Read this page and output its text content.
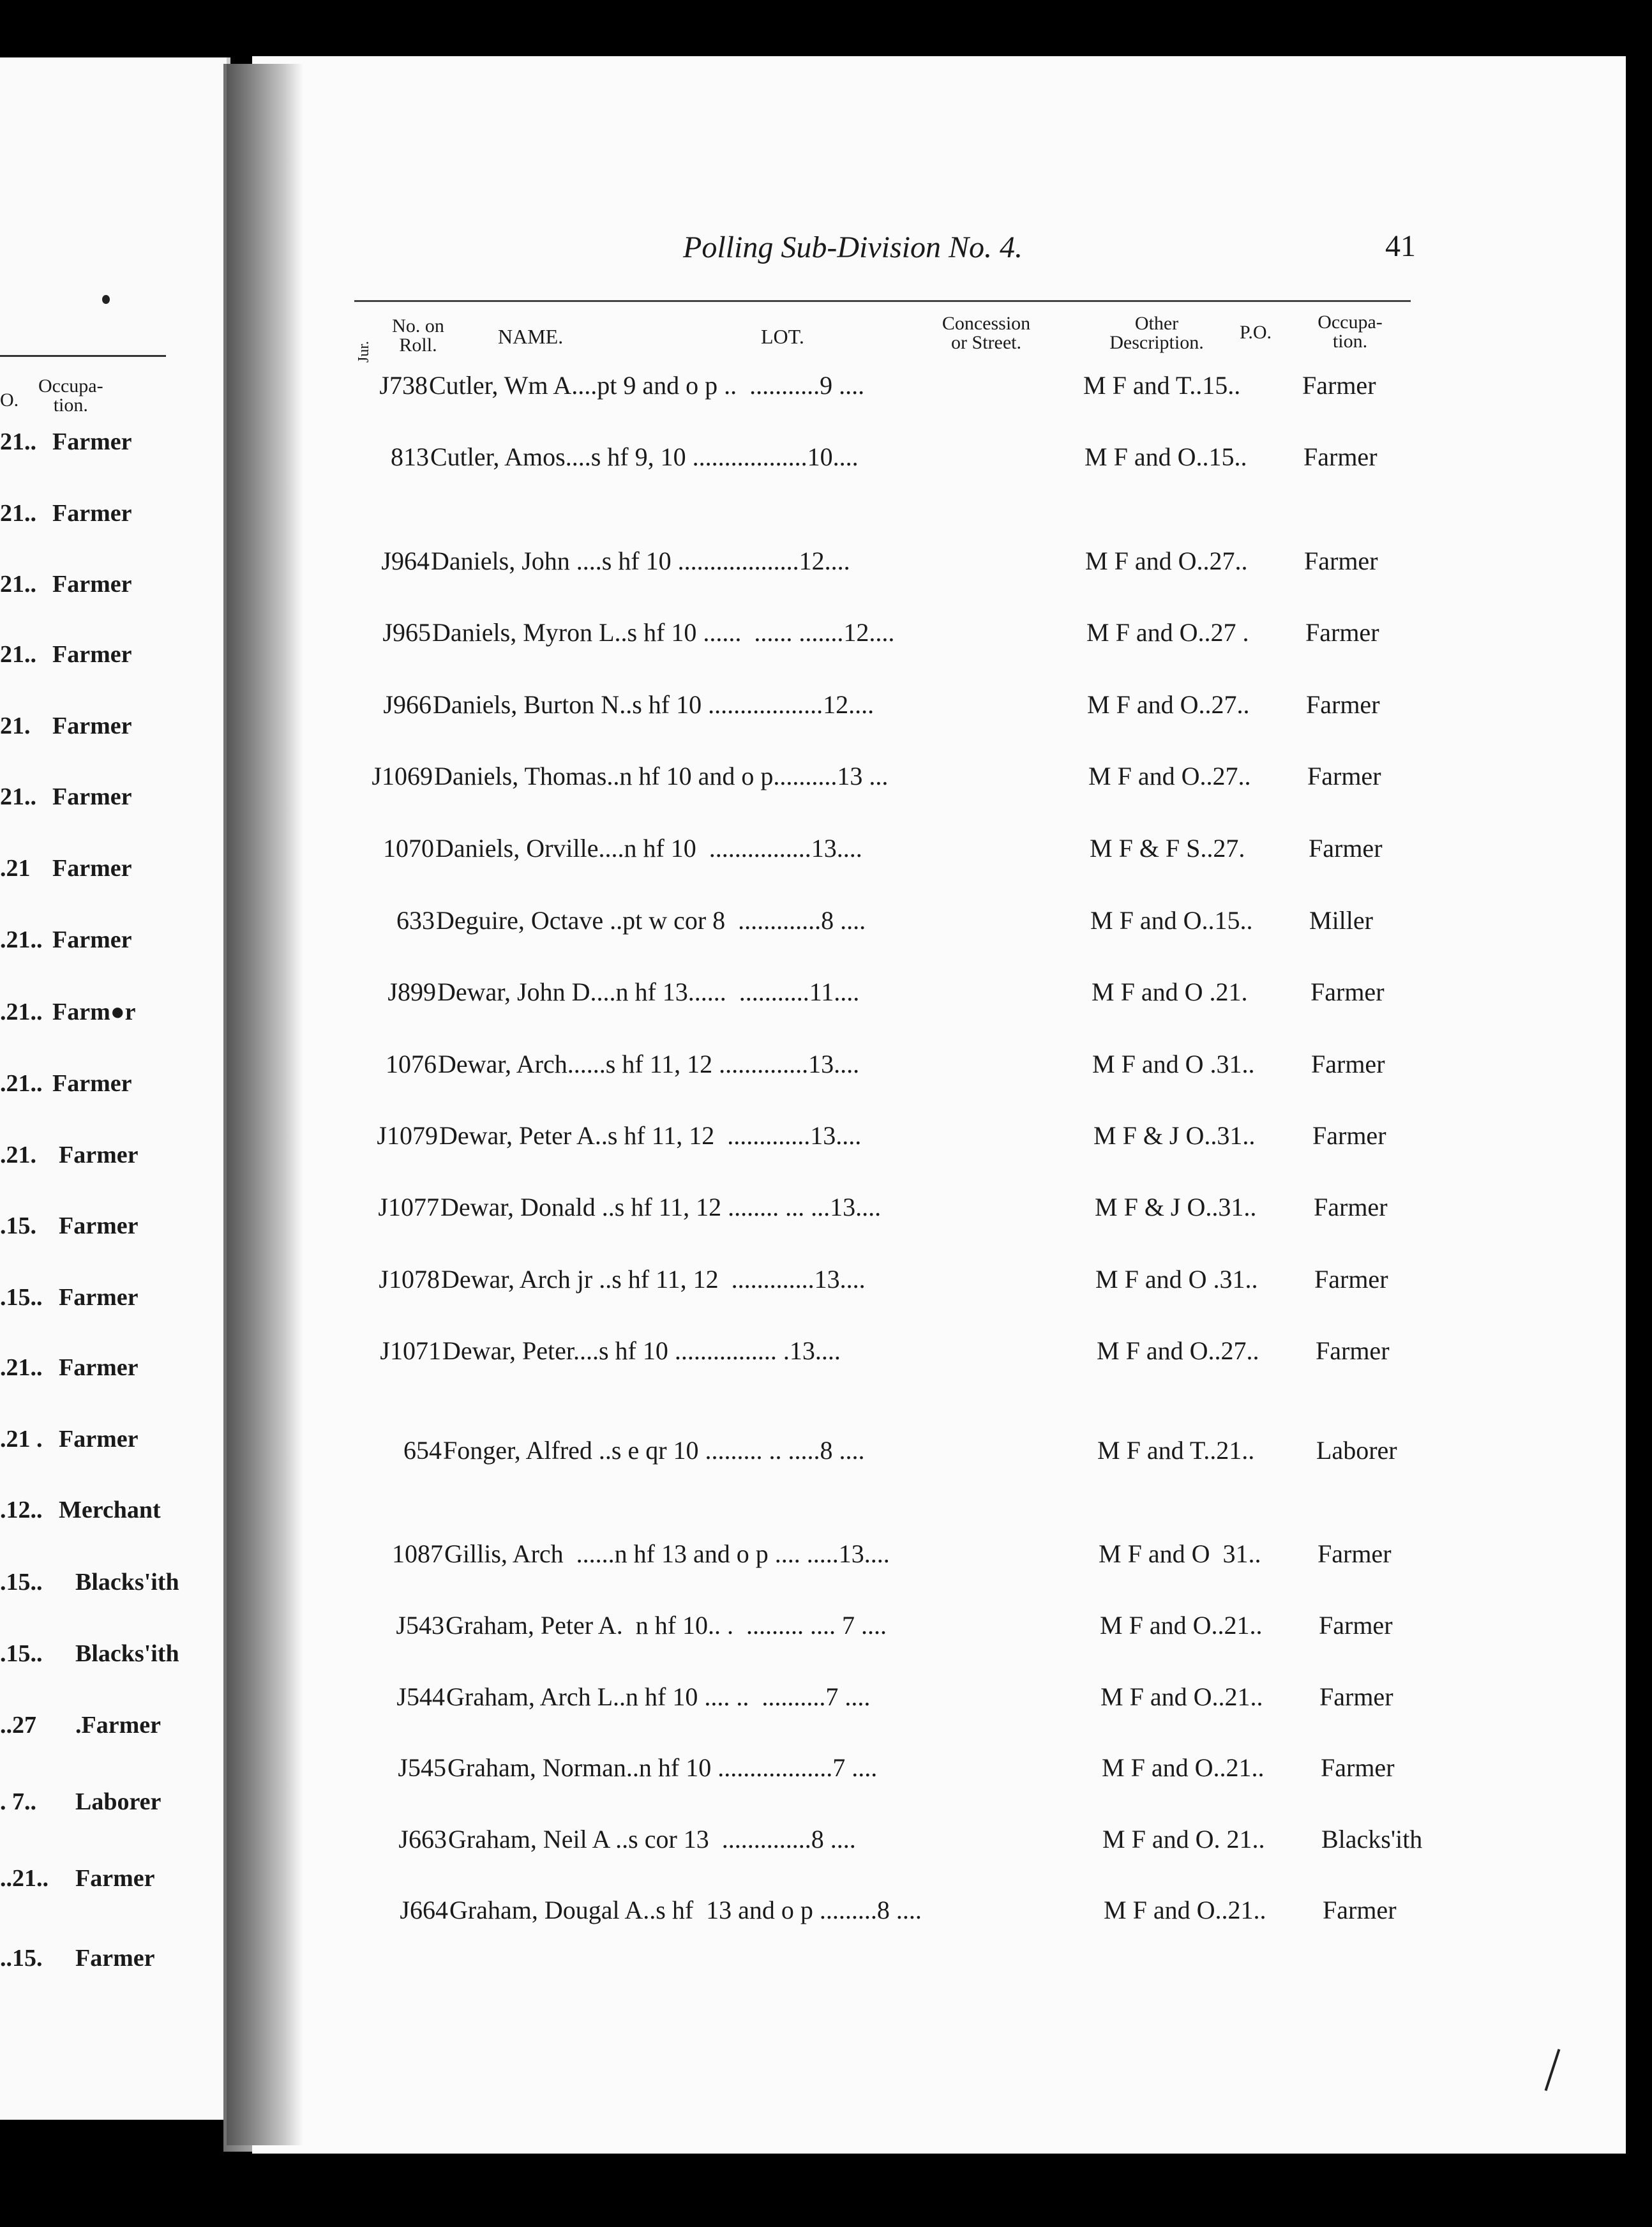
O.
Occupa-
tion.
21.. Farmer
21.. Farmer
21.. Farmer
21.. Farmer
21. Farmer
21.. Farmer
.21 Farmer
.21.. Farmer
.21.. Farm●r
.21.. Farmer
.21. Farmer
.15. Farmer
.15.. Farmer
.21.. Farmer
.21 . Farmer
.12.. Merchant
.15.. Blacks'ith
.15.. Blacks'ith
..27 .Farmer
. 7.. Laborer
..21.. Farmer
..15. Farmer
Polling Sub-Division No. 4.	41
Jur.
No. on
Roll.	NAME.	LOT.
Concession
or Street.
Other
Description.	P.O.	Occupa-
tion.
J738 Cutler, Wm A....pt 9 and o p ..  ...........9 ....	M F and T..15.. Farmer
813 Cutler, Amos....s hf 9, 10 ..................10....	M F and O..15.. Farmer
J964 Daniels, John ....s hf 10 ...................12....	M F and O..27.. Farmer
J965 Daniels, Myron L..s hf 10 ......  ...... .......12....	M F and O..27 . Farmer
J966 Daniels, Burton N..s hf 10 ..................12....	M F and O..27.. Farmer
J1069 Daniels, Thomas..n hf 10 and o p..........13 ...	M F and O..27.. Farmer
1070 Daniels, Orville....n hf 10  ................13....	M F & F S..27. Farmer
633 Deguire, Octave ..pt w cor 8  .............8 ....	M F and O..15.. Miller
J899 Dewar, John D....n hf 13......  ...........11....	M F and O .21. Farmer
1076 Dewar, Arch......s hf 11, 12 ..............13....	M F and O .31.. Farmer
J1079 Dewar, Peter A..s hf 11, 12  .............13....	M F & J O..31.. Farmer
J1077 Dewar, Donald ..s hf 11, 12 ........ ... ...13....	M F & J O..31.. Farmer
J1078 Dewar, Arch jr ..s hf 11, 12  .............13....	M F and O .31.. Farmer
J1071 Dewar, Peter....s hf 10 ................ .13....	M F and O..27.. Farmer
654 Fonger, Alfred ..s e qr 10 ......... .. .....8 ....	M F and T..21.. Laborer
1087 Gillis, Arch  ......n hf 13 and o p .... .....13....	M F and O  31.. Farmer
J543 Graham, Peter A.  n hf 10.. .  ......... .... 7 ....	M F and O..21.. Farmer
J544 Graham, Arch L..n hf 10 .... ..  ..........7 ....	M F and O..21.. Farmer
J545 Graham, Norman..n hf 10 ..................7 ....	M F and O..21.. Farmer
J663 Graham, Neil A ..s cor 13  ..............8 ....	M F and O. 21.. Blacks'ith
J664 Graham, Dougal A..s hf  13 and o p .........8 ....	M F and O..21.. Farmer
